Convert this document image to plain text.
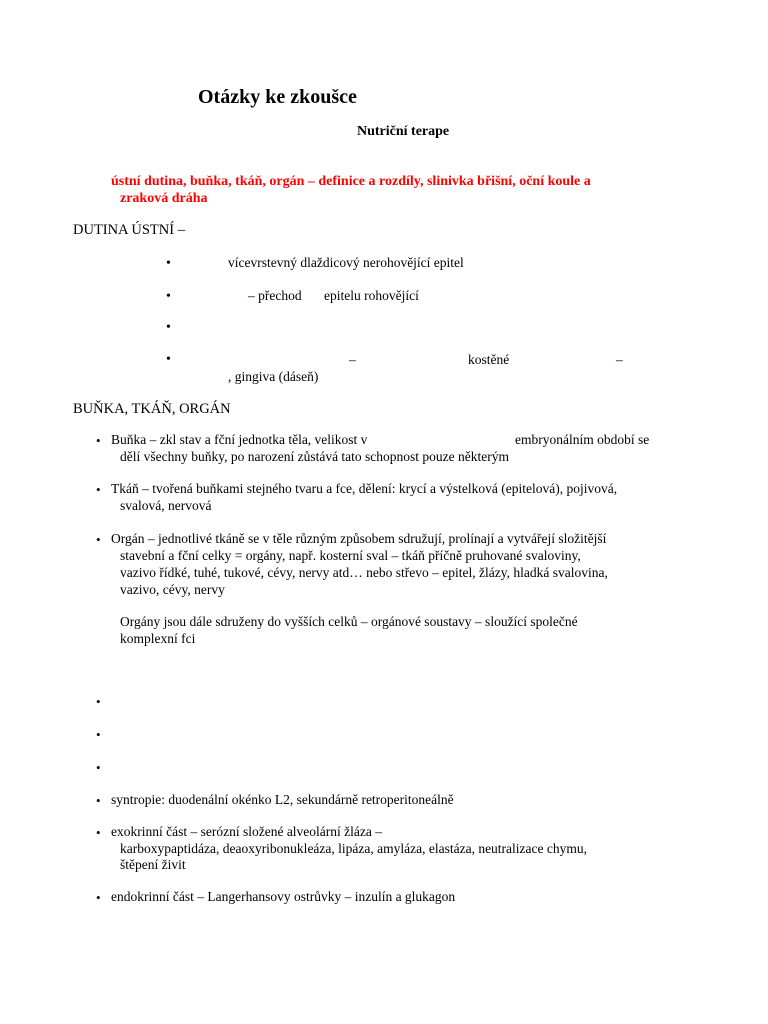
Otázky ke zkoušce
Nutriční terape
ústní dutina, buňka, tkáň, orgán – definice a rozdíly, slinivka břišní, oční koule a
zraková dráha
DUTINA ÚSTNÍ –
•	vícevrstevný dlaždicový nerohovějící epitel
•	– přechod epitelu rohovějící
•
•	–	kostěné	–
, gingiva (dáseň)
BUŇKA, TKÁŇ, ORGÁN
• Buňka – zkl stav a fční jednotka těla, velikost v	embryonálním období se
dělí všechny buňky, po narození zůstává tato schopnost pouze některým
• Tkáň – tvořená buňkami stejného tvaru a fce, dělení: krycí a výstelková (epitelová), pojivová,
svalová, nervová
• Orgán – jednotlivé tkáně se v těle různým způsobem sdružují, prolínají a vytvářejí složitější
stavební a fční celky = orgány, např. kosterní sval – tkáň příčně pruhované svaloviny,
vazivo řídké, tuhé, tukové, cévy, nervy atd… nebo střevo – epitel, žlázy, hladká svalovina,
vazivo, cévy, nervy
Orgány jsou dále sdruženy do vyšších celků – orgánové soustavy – sloužící společné
komplexní fci
•
•
•
• syntropie: duodenální okénko L2, sekundárně retroperitoneálně
• exokrinní část – serózní složené alveolární žláza –
karboxypaptidáza, deaoxyribonukleáza, lipáza, amyláza, elastáza, neutralizace chymu,
štěpení živit
• endokrinní část – Langerhansovy ostrůvky – inzulín a glukagon
